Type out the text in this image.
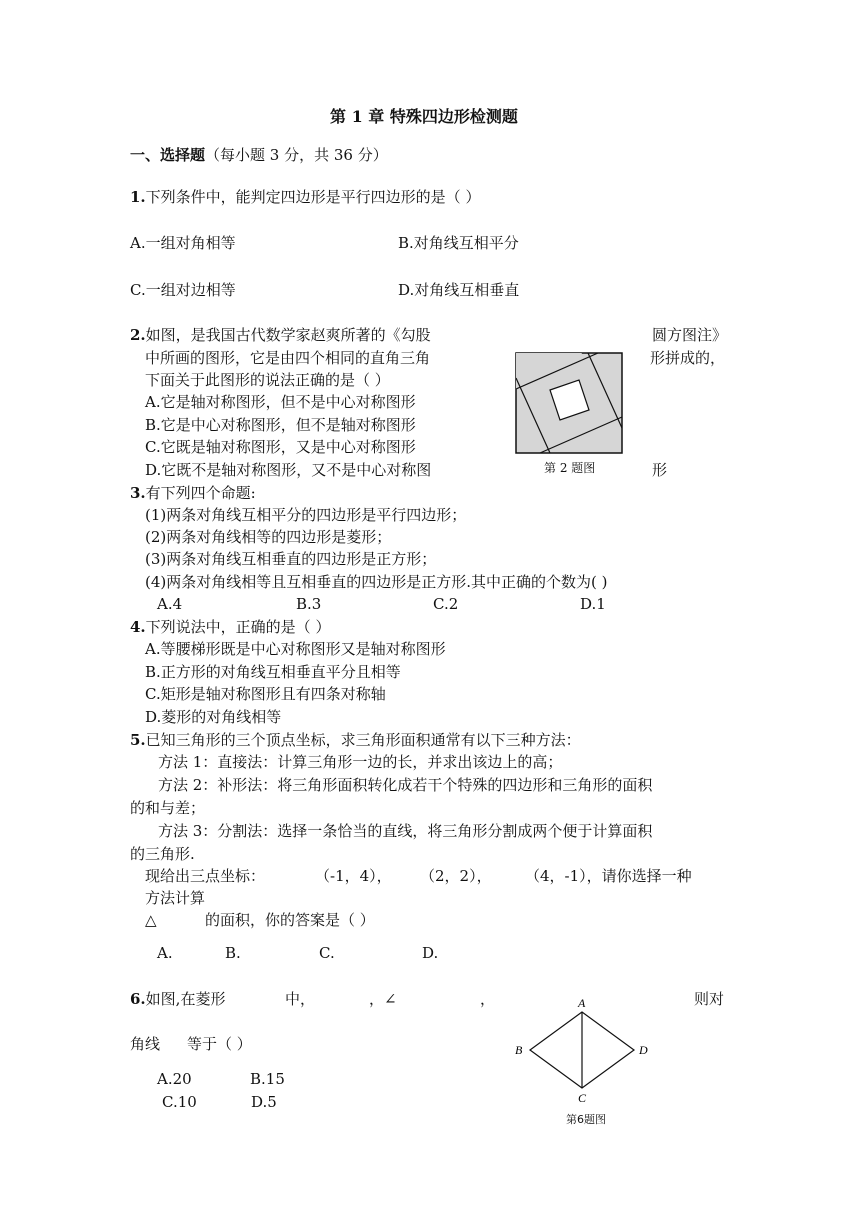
第 1 章 特殊四边形检测题
一、选择题（每小题 3 分，共 36 分）
1.下列条件中，能判定四边形是平行四边形的是（ ）
A.一组对角相等	B.对角线互相平分
C.一组对边相等	D.对角线互相垂直
2.如图，是我国古代数学家赵爽所著的《勾股	圆方图注》
中所画的图形，它是由四个相同的直角三角	形拼成的，
下面关于此图形的说法正确的是（ ）
A.它是轴对称图形，但不是中心对称图形
B.它是中心对称图形，但不是轴对称图形
C.它既是轴对称图形，又是中心对称图形
D.它既不是轴对称图形，又不是中心对称图	形
第 2 题图
3.有下列四个命题:
(1)两条对角线互相平分的四边形是平行四边形；
(2)两条对角线相等的四边形是菱形；
(3)两条对角线互相垂直的四边形是正方形；
(4)两条对角线相等且互相垂直的四边形是正方形.其中正确的个数为( )
A.4	B.3	C.2	D.1
4.下列说法中，正确的是（ ）
A.等腰梯形既是中心对称图形又是轴对称图形
B.正方形的对角线互相垂直平分且相等
C.矩形是轴对称图形且有四条对称轴
D.菱形的对角线相等
5.已知三角形的三个顶点坐标，求三角形面积通常有以下三种方法：
方法 1：直接法：计算三角形一边的长，并求出该边上的高；
方法 2：补形法：将三角形面积转化成若干个特殊的四边形和三角形的面积
的和与差；
方法 3：分割法：选择一条恰当的直线，将三角形分割成两个便于计算面积
的三角形.
现给出三点坐标：	（-1，4）， （2，2）， （4，-1），请你选择一种
方法计算
△	的面积，你的答案是（ ）
A.	B.	C.	D.
6.如图,在菱形	中，	，∠	，	则对
角线 等于（ ）
A.20	B.15
C.10	D.5
A
B
C
D
第6题图
